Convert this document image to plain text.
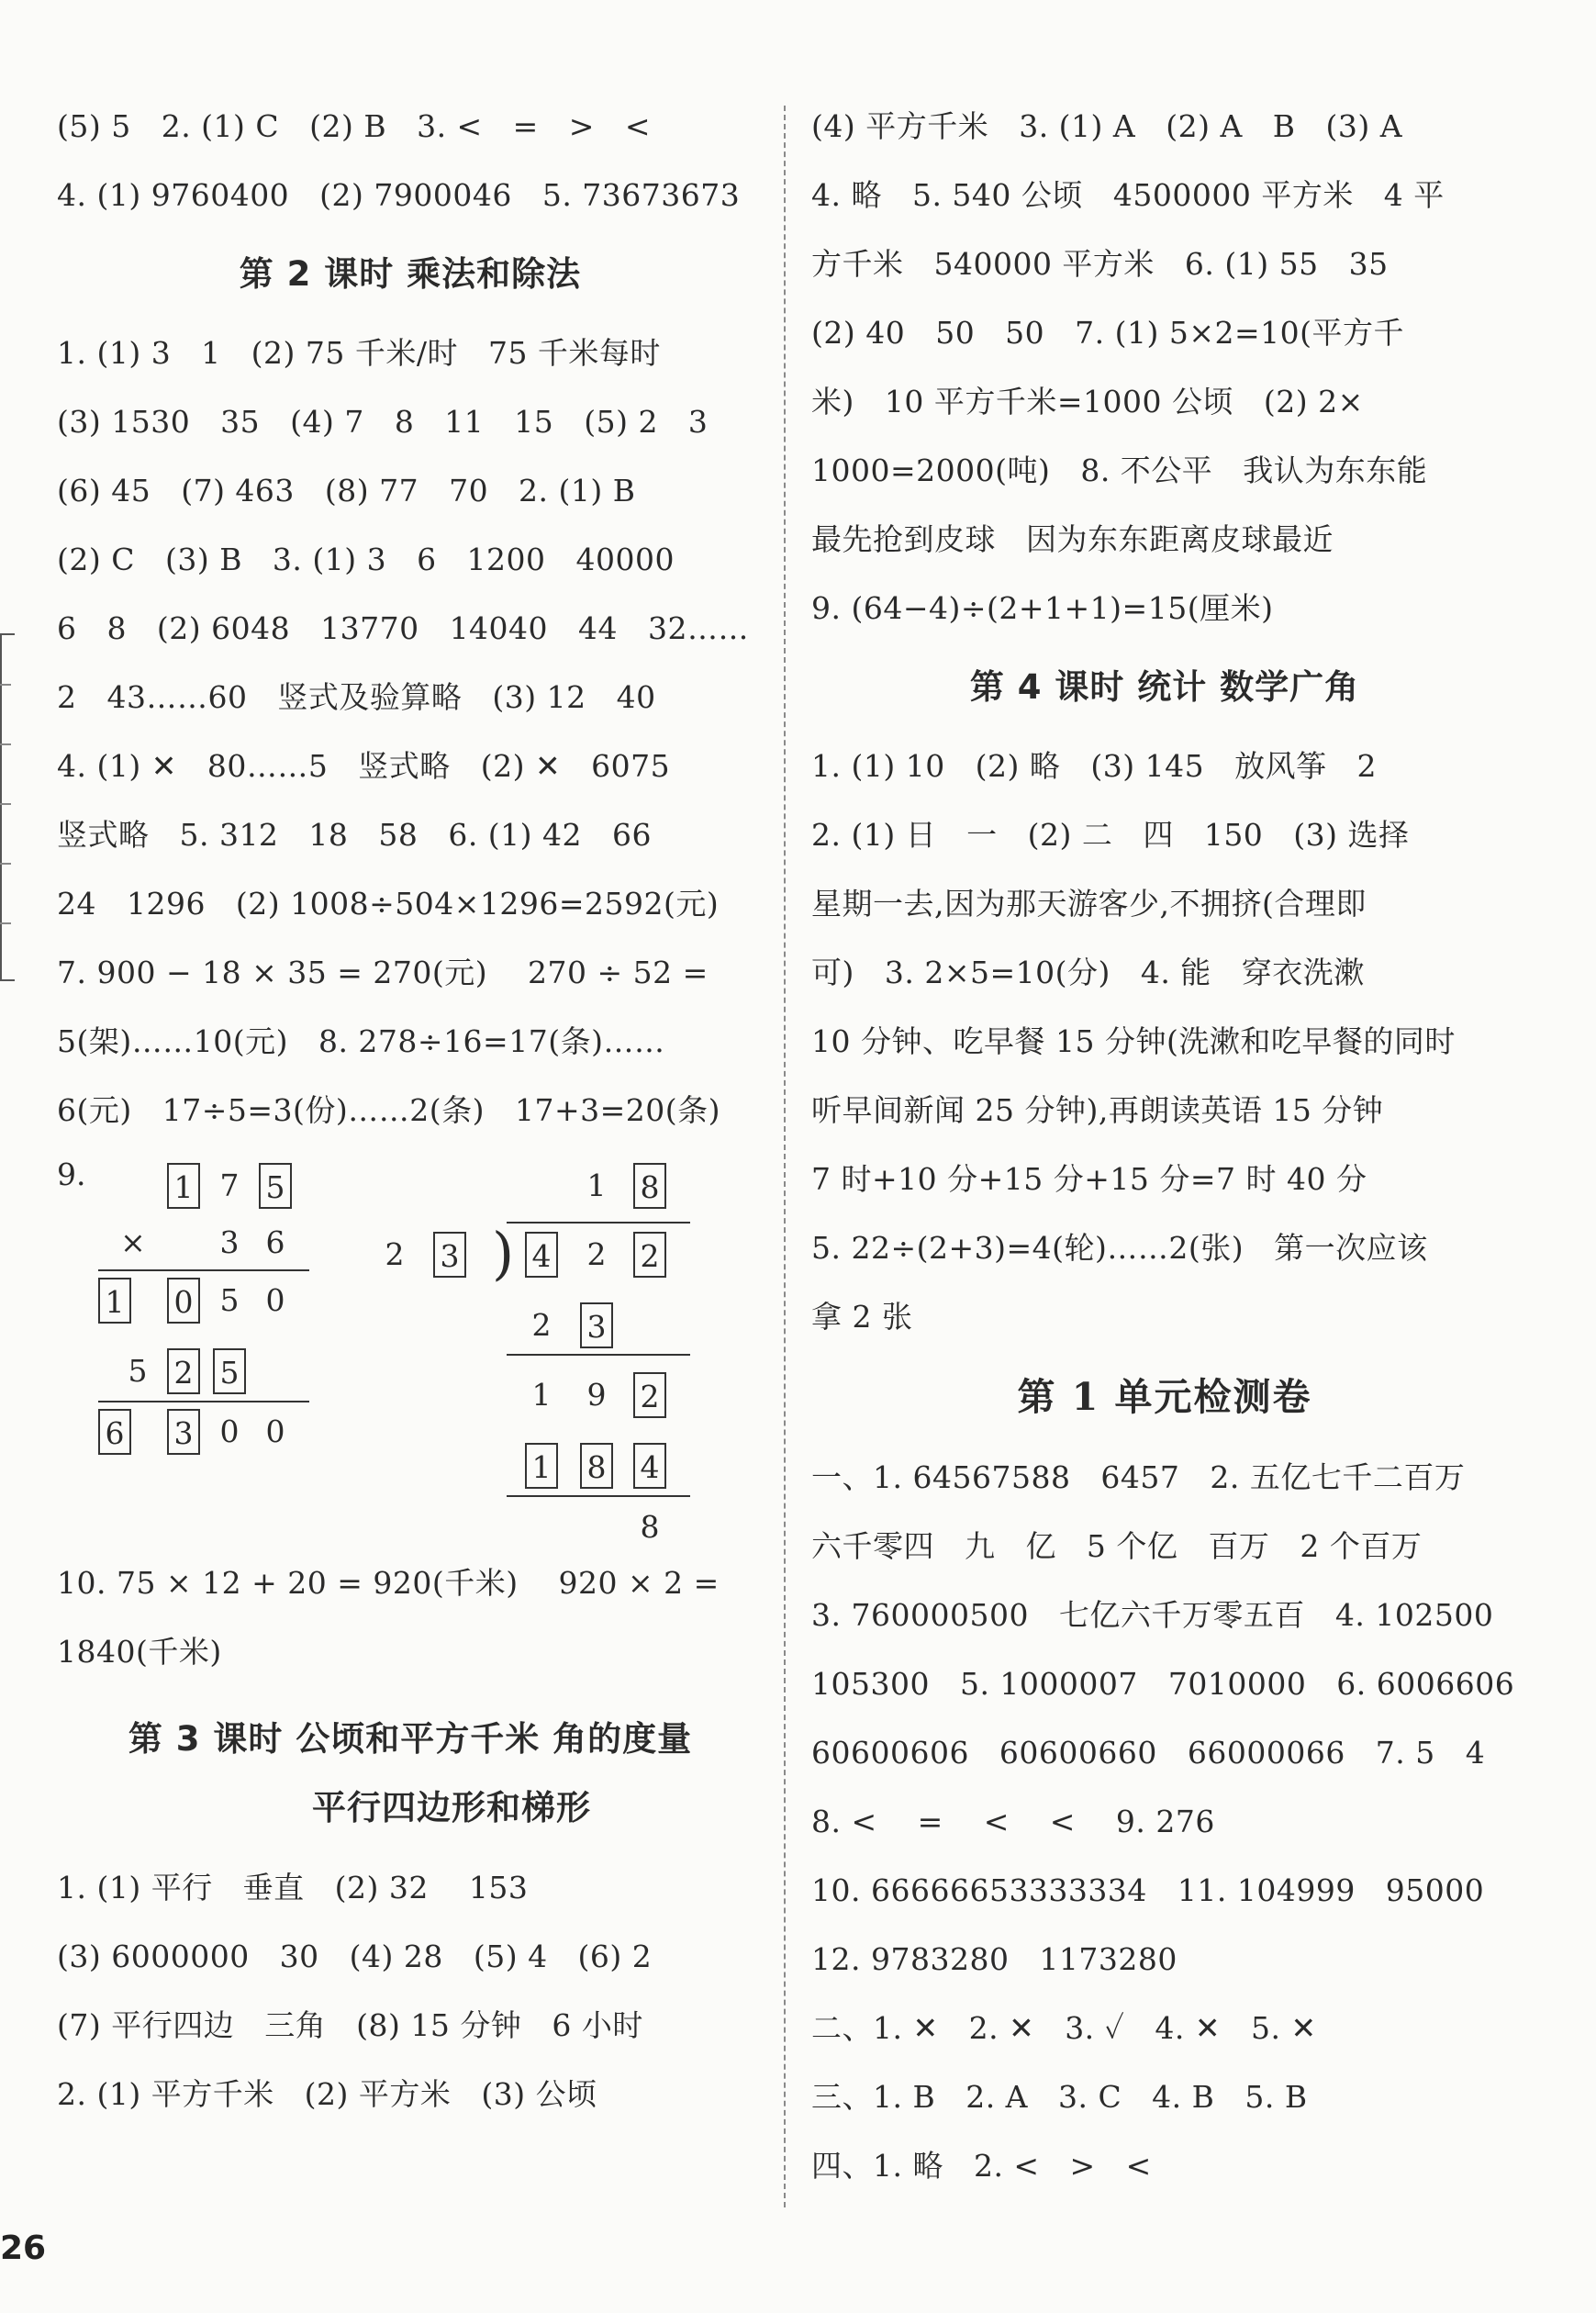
(5) 5   2. (1) C   (2) B   3. <   =   >   <
4. (1) 9760400   (2) 7900046   5. 73673673
第 2 课时 乘法和除法
1. (1) 3   1   (2) 75 千米/时   75 千米每时
(3) 1530   35   (4) 7   8   11   15   (5) 2   3
(6) 45   (7) 463   (8) 77   70   2. (1) B
(2) C   (3) B   3. (1) 3   6   1200   40000
6   8   (2) 6048   13770   14040   44   32……
2   43……60   竖式及验算略   (3) 12   40
4. (1) ✕   80……5   竖式略   (2) ✕   6075
竖式略   5. 312   18   58   6. (1) 42   66
24   1296   (2) 1008÷504×1296=2592(元)
7. 900 − 18 × 35 = 270(元)    270 ÷ 52 =
5(架)……10(元)   8. 278÷16=17(条)……
6(元)   17÷5=3(份)……2(条)   17+3=20(条)
9.	1 7 5
× 3 6
1 0 5 0
5 2 5
6 3 0 0
1 8
2 3 ) 4 2 2
2 3
1 9 2
1 8 4
8
10. 75 × 12 + 20 = 920(千米)    920 × 2 =
1840(千米)
第 3 课时 公顷和平方千米 角的度量
平行四边形和梯形
1. (1) 平行   垂直   (2) 32    153
(3) 6000000   30   (4) 28   (5) 4   (6) 2
(7) 平行四边   三角   (8) 15 分钟   6 小时
2. (1) 平方千米   (2) 平方米   (3) 公顷
(4) 平方千米   3. (1) A   (2) A   B   (3) A
4. 略   5. 540 公顷   4500000 平方米   4 平
方千米   540000 平方米   6. (1) 55   35
(2) 40   50   50   7. (1) 5×2=10(平方千
米)   10 平方千米=1000 公顷   (2) 2×
1000=2000(吨)   8. 不公平   我认为东东能
最先抢到皮球   因为东东距离皮球最近
9. (64−4)÷(2+1+1)=15(厘米)
第 4 课时 统计 数学广角
1. (1) 10   (2) 略   (3) 145   放风筝   2
2. (1) 日   一   (2) 二   四   150   (3) 选择
星期一去,因为那天游客少,不拥挤(合理即
可)   3. 2×5=10(分)   4. 能   穿衣洗漱
10 分钟、吃早餐 15 分钟(洗漱和吃早餐的同时
听早间新闻 25 分钟),再朗读英语 15 分钟
7 时+10 分+15 分+15 分=7 时 40 分
5. 22÷(2+3)=4(轮)……2(张)   第一次应该
拿 2 张
第 1 单元检测卷
一、1. 64567588   6457   2. 五亿七千二百万
六千零四   九   亿   5 个亿   百万   2 个百万
3. 760000500   七亿六千万零五百   4. 102500
105300   5. 1000007   7010000   6. 6006606
60600606   60600660   66000066   7. 5   4
8. <    =    <    <    9. 276
10. 66666653333334   11. 104999   95000
12. 9783280   1173280
二、1. ✕   2. ✕   3. ✓   4. ✕   5. ✕
三、1. B   2. A   3. C   4. B   5. B
四、1. 略   2. <   >   <
26
